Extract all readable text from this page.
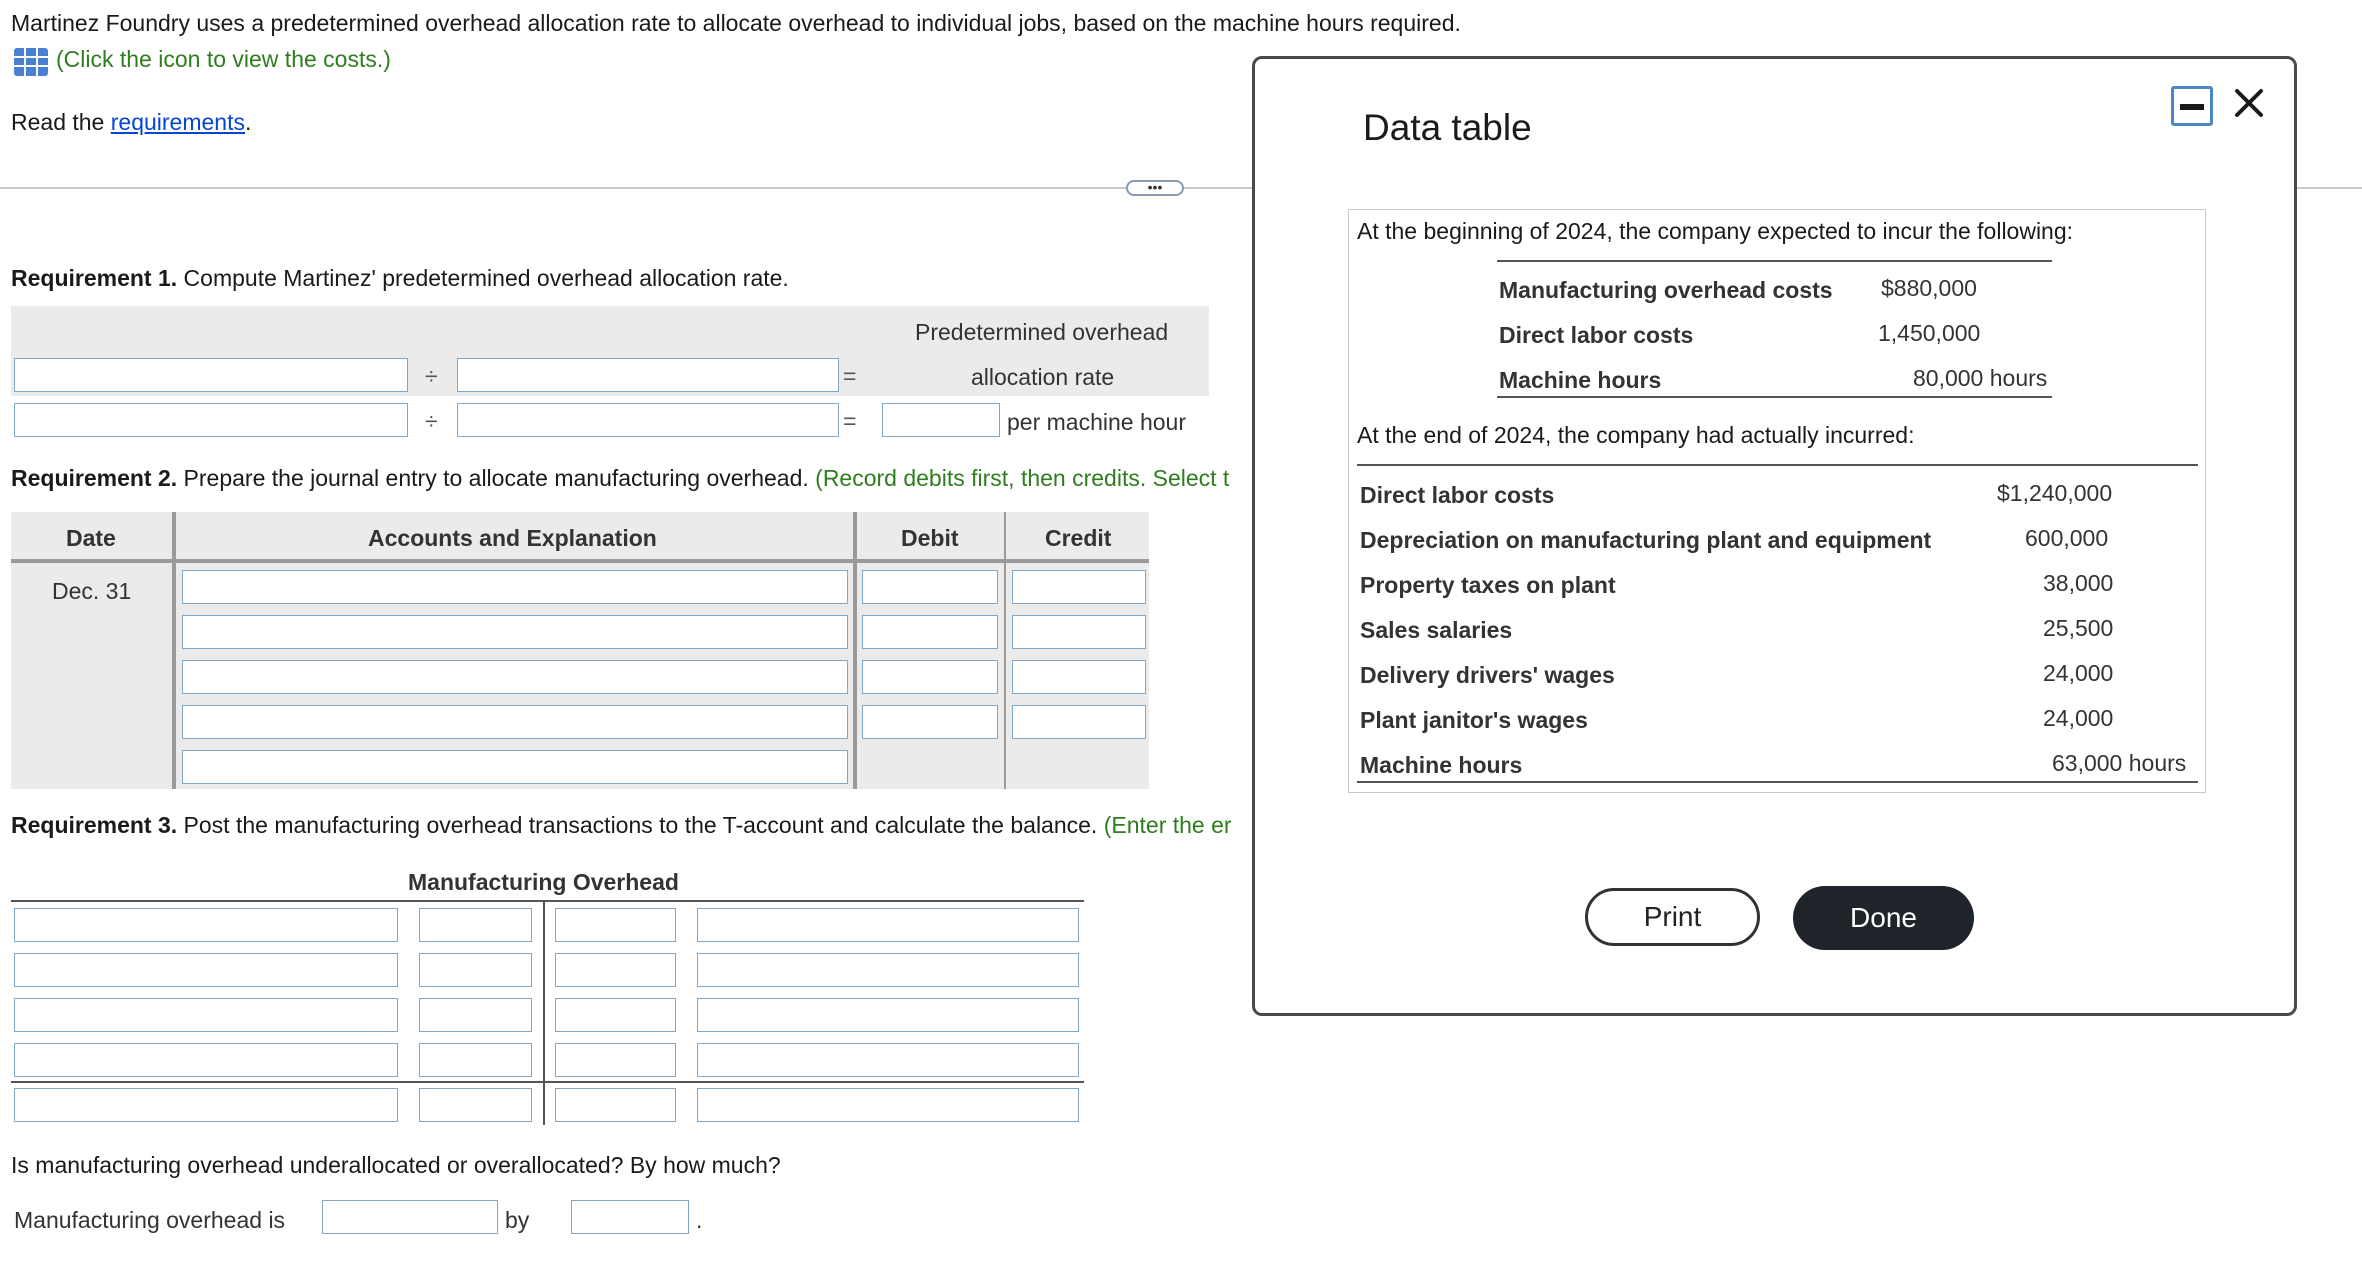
Martinez Foundry uses a predetermined overhead allocation rate to allocate overhead to individual jobs, based on the machine hours required.
(Click the icon to view the costs.)
Read the requirements.
•••
Requirement 1. Compute Martinez' predetermined overhead allocation rate.
Predetermined overhead
allocation rate
÷	=
÷	=	per machine hour
Requirement 2. Prepare the journal entry to allocate manufacturing overhead. (Record debits first, then credits. Select t
Date	Accounts and Explanation	Debit	Credit
Dec. 31
Requirement 3. Post the manufacturing overhead transactions to the T-account and calculate the balance. (Enter the er
Manufacturing Overhead
Is manufacturing overhead underallocated or overallocated? By how much?
Manufacturing overhead is	by	.
Data table
At the beginning of 2024, the company expected to incur the following:
Manufacturing overhead costs $880,000
Direct labor costs	1,450,000
Machine hours	80,000 hours
At the end of 2024, the company had actually incurred:
Direct labor costs	$1,240,000
Depreciation on manufacturing plant and equipment	600,000
Property taxes on plant	38,000
Sales salaries	25,500
Delivery drivers' wages	24,000
Plant janitor's wages	24,000
Machine hours	63,000 hours
Print	Done
